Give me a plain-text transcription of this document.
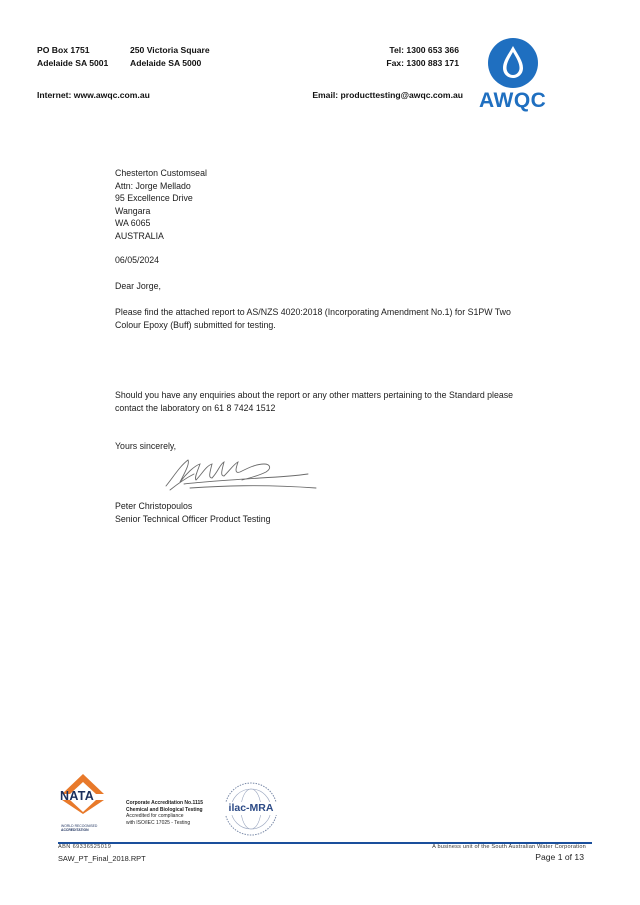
PO Box 1751
Adelaide SA 5001
250 Victoria Square
Adelaide SA 5000
Tel: 1300 653 366
Fax: 1300 883 171
Internet: www.awqc.com.au	Email: producttesting@awqc.com.au AWQC
Chesterton Customseal
Attn: Jorge Mellado
95 Excellence Drive
Wangara
WA 6065
AUSTRALIA
06/05/2024
Dear Jorge,
Please find the attached report to AS/NZS 4020:2018 (Incorporating Amendment No.1) for S1PW Two
Colour Epoxy (Buff) submitted for testing.
Should you have any enquiries about the report or any other matters pertaining to the Standard please
contact the laboratory on 61 8 7424 1512
Yours sincerely,
Peter Christopoulos
Senior Technical Officer Product Testing
NATA
WORLD RECOGNISED
ACCREDITATION
Corporate Accreditation No.1115
Chemical and Biological Testing
Accredited for compliance
with ISO/IEC 17025 - Testing
ilac-MRA
ABN 69336525019	A business unit of the South Australian Water Corporation
SAW_PT_Final_2018.RPT	Page 1 of 13
